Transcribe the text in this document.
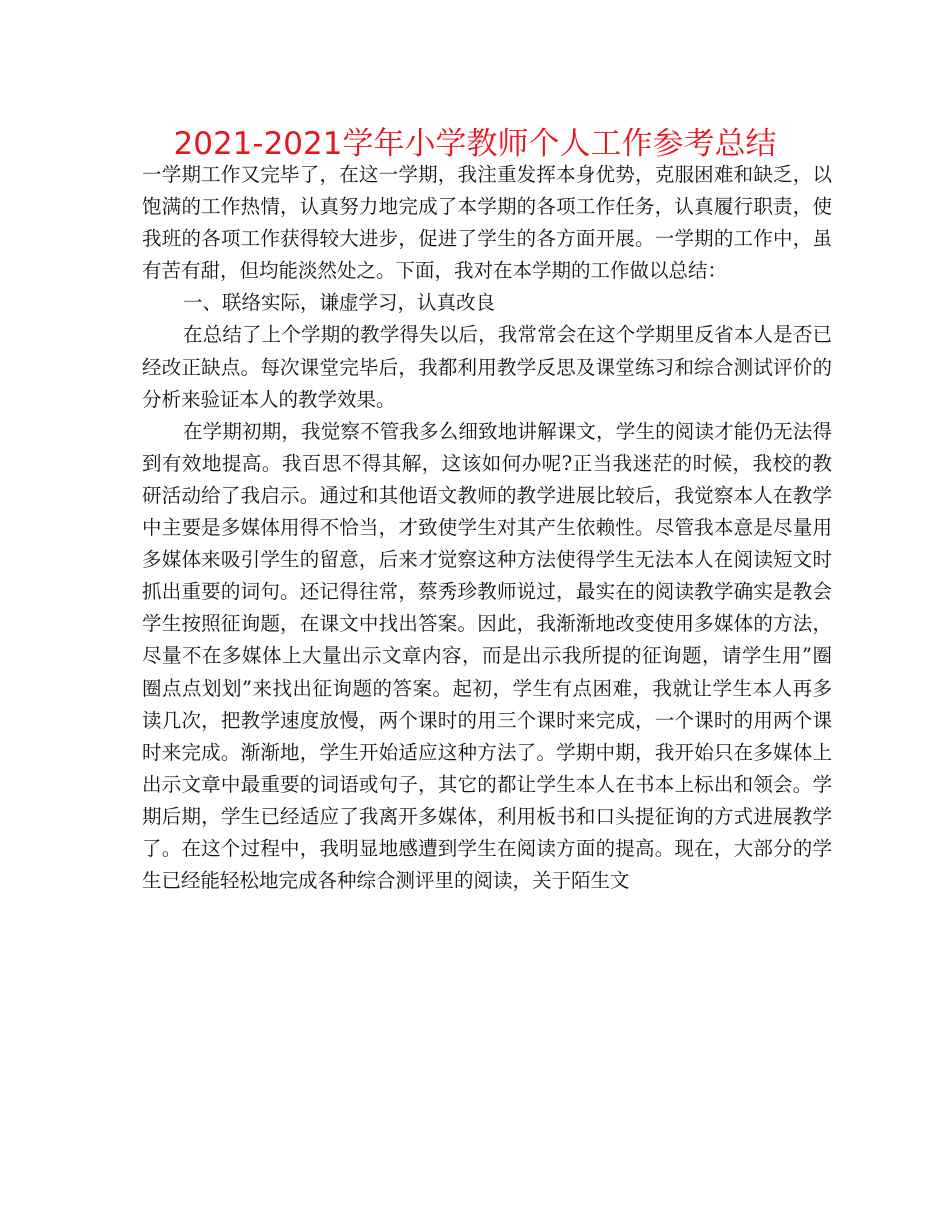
2021-2021学年小学教师个人工作参考总结

一学期工作又完毕了，在这一学期，我注重发挥本身优势，克服困难和缺乏，以饱满的工作热情，认真努力地完成了本学期的各项工作任务，认真履行职责，使我班的各项工作获得较大进步，促进了学生的各方面开展。一学期的工作中，虽有苦有甜，但均能淡然处之。下面，我对在本学期的工作做以总结：

一、联络实际，谦虚学习，认真改良

在总结了上个学期的教学得失以后，我常常会在这个学期里反省本人是否已经改正缺点。每次课堂完毕后，我都利用教学反思及课堂练习和综合测试评价的分析来验证本人的教学效果。

在学期初期，我觉察不管我多么细致地讲解课文，学生的阅读才能仍无法得到有效地提高。我百思不得其解，这该如何办呢?正当我迷茫的时候，我校的教研活动给了我启示。通过和其他语文教师的教学进展比较后，我觉察本人在教学中主要是多媒体用得不恰当，才致使学生对其产生依赖性。尽管我本意是尽量用多媒体来吸引学生的留意，后来才觉察这种方法使得学生无法本人在阅读短文时抓出重要的词句。还记得往常，蔡秀珍教师说过，最实在的阅读教学确实是教会学生按照征询题，在课文中找出答案。因此，我渐渐地改变使用多媒体的方法，尽量不在多媒体上大量出示文章内容，而是出示我所提的征询题，请学生用”圈圈点点划划”来找出征询题的答案。起初，学生有点困难，我就让学生本人再多读几次，把教学速度放慢，两个课时的用三个课时来完成，一个课时的用两个课时来完成。渐渐地，学生开始适应这种方法了。学期中期，我开始只在多媒体上出示文章中最重要的词语或句子，其它的都让学生本人在书本上标出和领会。学期后期，学生已经适应了我离开多媒体，利用板书和口头提征询的方式进展教学了。在这个过程中，我明显地感遭到学生在阅读方面的提高。现在，大部分的学生已经能轻松地完成各种综合测评里的阅读，关于陌生文
